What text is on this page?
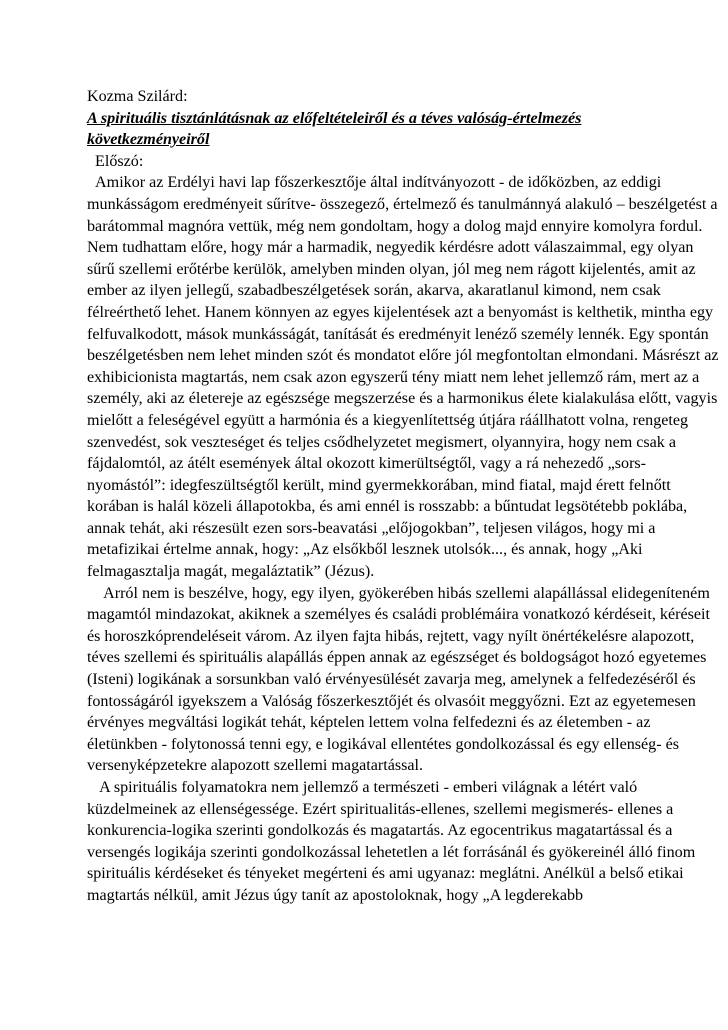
Kozma Szilárd:

A spirituális tisztánlátásnak az előfeltételeiről és a téves valóság-értelmezés következményeiről

Előszó:

Amikor az Erdélyi havi lap főszerkesztője által indítványozott - de időközben, az eddigi munkásságom eredményeit sűrítve- összegező, értelmező és tanulmánnyá alakuló – beszélgetést a barátommal magnóra vettük, még nem gondoltam, hogy a dolog majd ennyire komolyra fordul. Nem tudhattam előre, hogy már a harmadik, negyedik kérdésre adott válaszaimmal, egy olyan sűrű szellemi erőtérbe kerülök, amelyben minden olyan, jól meg nem rágott kijelentés, amit az ember az ilyen jellegű, szabadbeszélgetések során, akarva, akaratlanul kimond, nem csak félreérthető lehet. Hanem könnyen az egyes kijelentések azt a benyomást is kelthetik, mintha egy felfuvalkodott, mások munkásságát, tanítását és eredményit lenéző személy lennék. Egy spontán beszélgetésben nem lehet minden szót és mondatot előre jól megfontoltan elmondani. Másrészt az exhibicionista magtartás, nem csak azon egyszerű tény miatt nem lehet jellemző rám, mert az a személy, aki az életereje az egészsége megszerzése és a harmonikus élete kialakulása előtt, vagyis mielőtt a feleségével együtt a harmónia és a kiegyenlítettség útjára ráállhatott volna, rengeteg szenvedést, sok veszteséget és teljes csődhelyzetet megismert, olyannyira, hogy nem csak a fájdalomtól, az átélt események által okozott kimerültségtől, vagy a rá nehezedő „sors-nyomástól”: idegfeszültségtől került, mind gyermekkorában, mind fiatal, majd érett felnőtt korában is halál közeli állapotokba, és ami ennél is rosszabb: a bűntudat legsötétebb poklába, annak tehát, aki részesült ezen sors-beavatási „előjogokban”, teljesen világos, hogy mi a metafizikai értelme annak, hogy: „Az elsőkből lesznek utolsók..., és annak, hogy „Aki felmagasztalja magát, megaláztatik” (Jézus).

Arról nem is beszélve, hogy, egy ilyen, gyökerében hibás szellemi alapállással elidegeníteném magamtól mindazokat, akiknek a személyes és családi problémáira vonatkozó kérdéseit, kéréseit és horoszkóprendeléseit várom. Az ilyen fajta hibás, rejtett, vagy nyílt önértékelésre alapozott, téves szellemi és spirituális alapállás éppen annak az egészséget és boldogságot hozó egyetemes (Isteni) logikának a sorsunkban való érvényesülését zavarja meg, amelynek a felfedezéséről és fontosságáról igyekszem a Valóság főszerkesztőjét és olvasóit meggyőzni. Ezt az egyetemesen érvényes megváltási logikát tehát, képtelen lettem volna felfedezni és az életemben - az életünkben - folytonossá tenni egy, e logikával ellentétes gondolkozással és egy ellenség- és versenyképzetekre alapozott szellemi magatartással.

A spirituális folyamatokra nem jellemző a természeti - emberi világnak a létért való küzdelmeinek az ellenségessége. Ezért spiritualitás-ellenes, szellemi megismerés- ellenes a konkurencia-logika szerinti gondolkozás és magatartás. Az egocentrikus magatartással és a versengés logikája szerinti gondolkozással lehetetlen a lét forrásánál és gyökereinél álló finom spirituális kérdéseket és tényeket megérteni és ami ugyanaz: meglátni. Anélkül a belső etikai magtartás nélkül, amit Jézus úgy tanít az apostoloknak, hogy „A legderekabb
